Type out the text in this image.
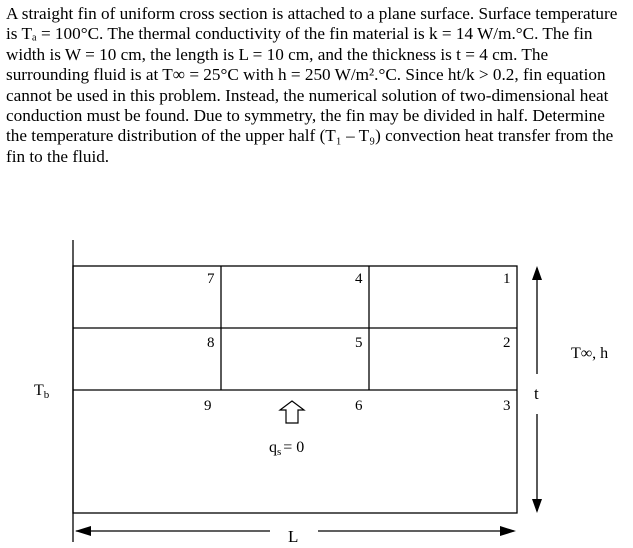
A straight fin of uniform cross section is attached to a plane surface. Surface temperature is Tₐ = 100°C. The thermal conductivity of the fin material is k = 14 W/m.°C. The fin width is W = 10 cm, the length is L = 10 cm, and the thickness is t = 4 cm. The surrounding fluid is at T∞ = 25°C with h = 250 W/m².°C. Since ht/k > 0.2, fin equation cannot be used in this problem. Instead, the numerical solution of two-dimensional heat conduction must be found. Due to symmetry, the fin may be divided in half. Determine the temperature distribution of the upper half (T₁ – T₉) convection heat transfer from the fin to the fluid.

7	4	1
8	5	2
9	6	3
Tb
qs = 0
L
t
T∞, h
